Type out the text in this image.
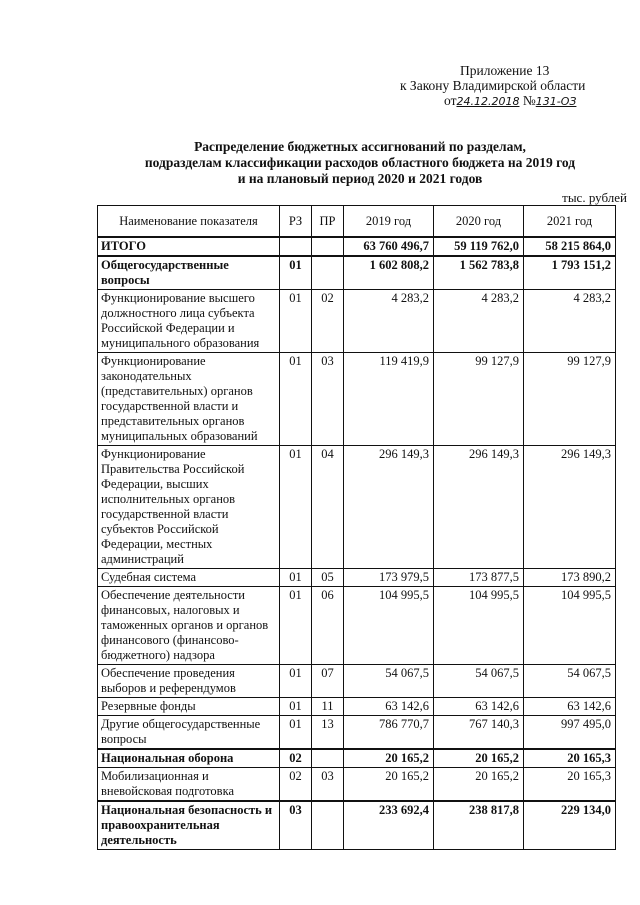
Приложение 13
к Закону Владимирской области
от24.12.2018 №131-ОЗ
Распределение бюджетных ассигнований по разделам,
подразделам классификации расходов областного бюджета на 2019 год
и на плановый период 2020 и 2021 годов
тыс. рублей
Наименование показателя	РЗ	ПР	2019 год	2020 год	2021 год
ИТОГО			63 760 496,7	59 119 762,0	58 215 864,0
Общегосударственные вопросы	01		1 602 808,2	1 562 783,8	1 793 151,2
Функционирование высшего должностного лица субъекта Российской Федерации и муниципального образования	01	02	4 283,2	4 283,2	4 283,2
Функционирование законодательных (представительных) органов государственной власти и представительных органов муниципальных образований	01	03	119 419,9	99 127,9	99 127,9
Функционирование Правительства Российской Федерации, высших исполнительных органов государственной власти субъектов Российской Федерации, местных администраций	01	04	296 149,3	296 149,3	296 149,3
Судебная система	01	05	173 979,5	173 877,5	173 890,2
Обеспечение деятельности финансовых, налоговых и таможенных органов и органов финансового (финансово-бюджетного) надзора	01	06	104 995,5	104 995,5	104 995,5
Обеспечение проведения выборов и референдумов	01	07	54 067,5	54 067,5	54 067,5
Резервные фонды	01	11	63 142,6	63 142,6	63 142,6
Другие общегосударственные вопросы	01	13	786 770,7	767 140,3	997 495,0
Национальная оборона	02		20 165,2	20 165,2	20 165,3
Мобилизационная и вневойсковая подготовка	02	03	20 165,2	20 165,2	20 165,3
Национальная безопасность и правоохранительная деятельность	03		233 692,4	238 817,8	229 134,0
